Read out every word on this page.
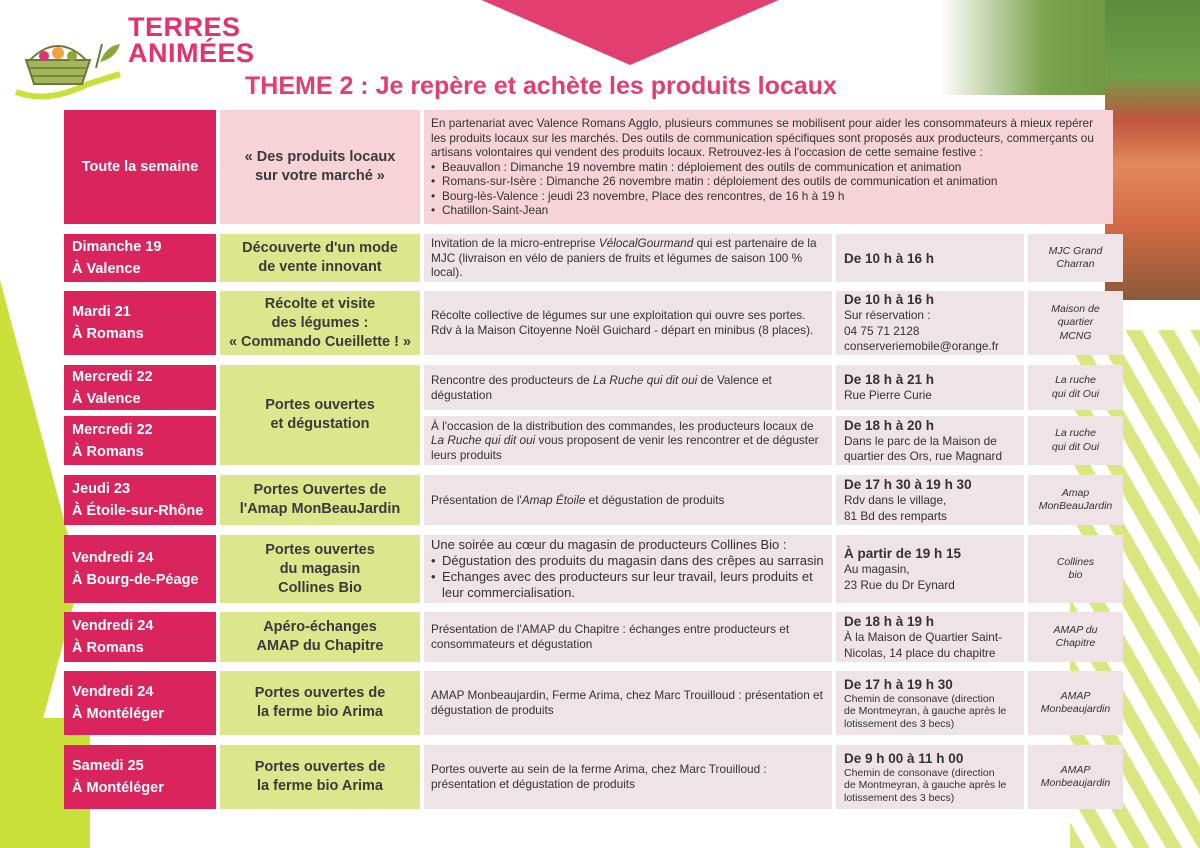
TERRES
ANIMÉES
THEME 2 : Je repère et achète les produits locaux
Toute la semaine
« Des produits locaux sur votre marché »
En partenariat avec Valence Romans Agglo, plusieurs communes se mobilisent pour aider les consommateurs à mieux repérer les produits locaux sur les marchés. Des outils de communication spécifiques sont proposés aux producteurs, commerçants ou artisans volontaires qui vendent des produits locaux. Retrouvez-les à l'occasion de cette semaine festive :
• Beauvallon : Dimanche 19 novembre matin : déploiement des outils de communication et animation
• Romans-sur-Isère : Dimanche 26 novembre matin : déploiement des outils de communication et animation
• Bourg-lès-Valence : jeudi 23 novembre, Place des rencontres, de 16 h à 19 h
• Chatillon-Saint-Jean
Dimanche 19
À Valence
Découverte d'un mode
de vente innovant
Invitation de la micro-entreprise VélocalGourmand qui est partenaire de la MJC (livraison en vélo de paniers de fruits et légumes de saison 100 % local).
De 10 h à 16 h	MJC Grand
Charran
Mardi 21
À Romans
Récolte et visite
des légumes :
« Commando Cueillette ! »
Récolte collective de légumes sur une exploitation qui ouvre ses portes.
Rdv à la Maison Citoyenne Noël Guichard - départ en minibus (8 places).
De 10 h à 16 h
Sur réservation :
04 75 71 2128
conserveriemobile@orange.fr
Maison de
quartier
MCNG
Mercredi 22
À Valence	Portes ouvertes
et dégustation
Rencontre des producteurs de La Ruche qui dit oui de Valence et dégustation
De 18 h à 21 h
Rue Pierre Curie
La ruche
qui dit Oui
Mercredi 22
À Romans
À l'occasion de la distribution des commandes, les producteurs locaux de La Ruche qui dit oui vous proposent de venir les rencontrer et de déguster leurs produits
De 18 h à 20 h
Dans le parc de la Maison de
quartier des Ors, rue Magnard
La ruche
qui dit Oui
Jeudi 23
À Étoile-sur-Rhône
Portes Ouvertes de
l'Amap MonBeauJardin
Présentation de l'Amap Étoile et dégustation de produits
De 17 h 30 à 19 h 30
Rdv dans le village,
81 Bd des remparts
Amap
MonBeauJardin
Vendredi 24
À Bourg-de-Péage
Portes ouvertes
du magasin
Collines Bio
Une soirée au cœur du magasin de producteurs Collines Bio :
• Dégustation des produits du magasin dans des crêpes au sarrasin
• Echanges avec des producteurs sur leur travail, leurs produits et leur commercialisation.
À partir de 19 h 15
Au magasin,
23 Rue du Dr Eynard
Collines
bio
Vendredi 24
À Romans
Apéro-échanges
AMAP du Chapitre
Présentation de l'AMAP du Chapitre : échanges entre producteurs et consommateurs et dégustation
De 18 h à 19 h
À la Maison de Quartier Saint-
Nicolas, 14 place du chapitre
AMAP du
Chapitre
Vendredi 24
À Montéléger
Portes ouvertes de
la ferme bio Arima
AMAP Monbeaujardin, Ferme Arima, chez Marc Trouilloud : présentation et dégustation de produits
De 17 h à 19 h 30
Chemin de consonave (direction
de Montmeyran, à gauche après le
lotissement des 3 becs)
AMAP
Monbeaujardin
Samedi 25
À Montéléger
Portes ouvertes de
la ferme bio Arima
Portes ouverte au sein de la ferme Arima, chez Marc Trouilloud : présentation et dégustation de produits
De 9 h 00 à 11 h 00
Chemin de consonave (direction
de Montmeyran, à gauche après le
lotissement des 3 becs)
AMAP
Monbeaujardin
